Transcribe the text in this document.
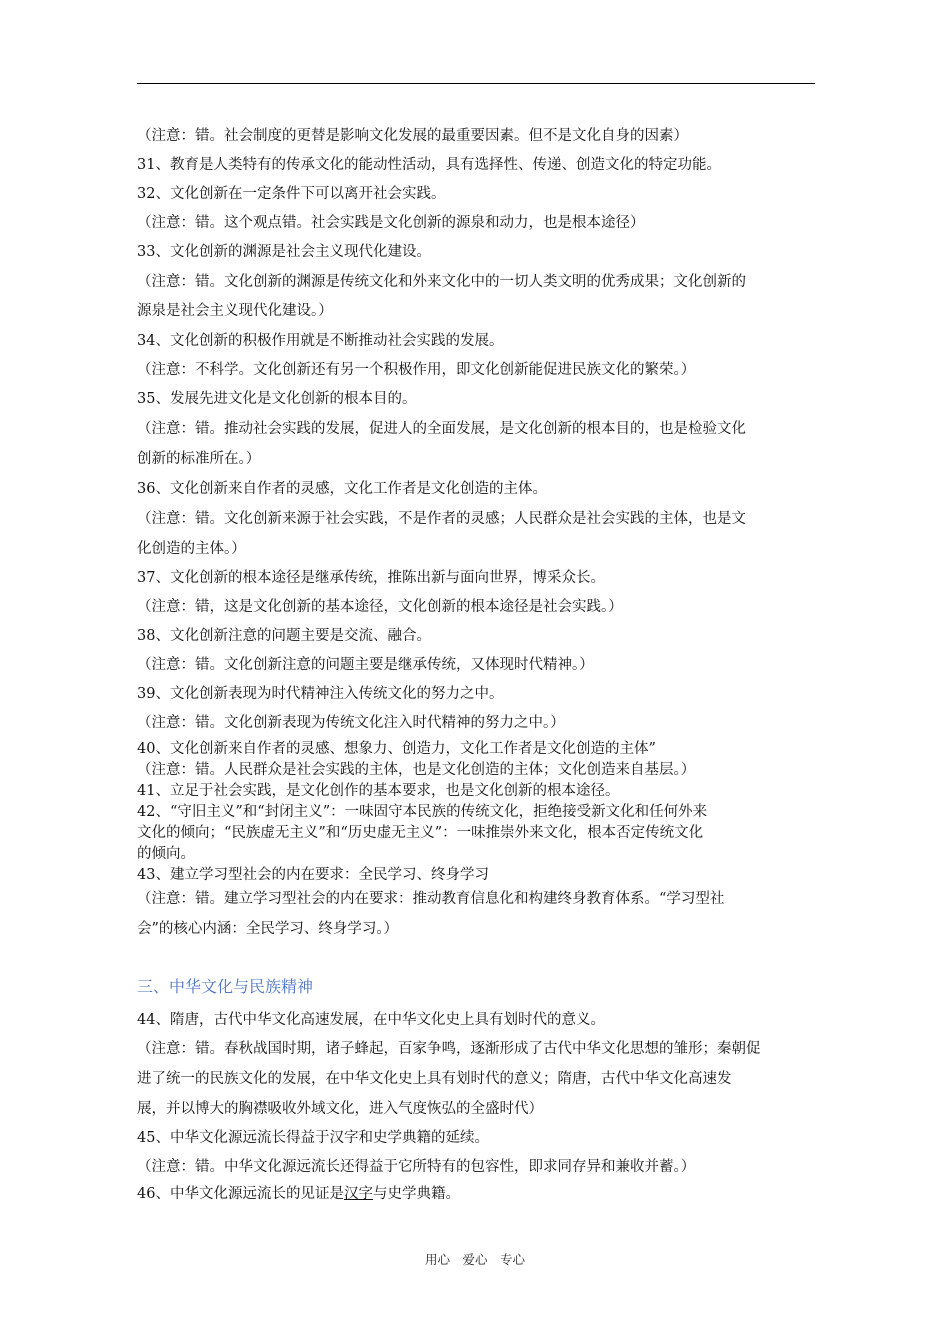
（注意：错。社会制度的更替是影响文化发展的最重要因素。但不是文化自身的因素）
31、教育是人类特有的传承文化的能动性活动，具有选择性、传递、创造文化的特定功能。
32、文化创新在一定条件下可以离开社会实践。
（注意：错。这个观点错。社会实践是文化创新的源泉和动力，也是根本途径）
33、文化创新的渊源是社会主义现代化建设。
（注意：错。文化创新的渊源是传统文化和外来文化中的一切人类文明的优秀成果；文化创新的
源泉是社会主义现代化建设。）
34、文化创新的积极作用就是不断推动社会实践的发展。
（注意：不科学。文化创新还有另一个积极作用，即文化创新能促进民族文化的繁荣。）
35、发展先进文化是文化创新的根本目的。
（注意：错。推动社会实践的发展，促进人的全面发展，是文化创新的根本目的，也是检验文化
创新的标准所在。）
36、文化创新来自作者的灵感，文化工作者是文化创造的主体。
（注意：错。文化创新来源于社会实践，不是作者的灵感；人民群众是社会实践的主体，也是文
化创造的主体。）
37、文化创新的根本途径是继承传统，推陈出新与面向世界，博采众长。
（注意：错，这是文化创新的基本途径，文化创新的根本途径是社会实践。）
38、文化创新注意的问题主要是交流、融合。
（注意：错。文化创新注意的问题主要是继承传统，又体现时代精神。）
39、文化创新表现为时代精神注入传统文化的努力之中。
（注意：错。文化创新表现为传统文化注入时代精神的努力之中。）
40、文化创新来自作者的灵感、想象力、创造力，文化工作者是文化创造的主体”
（注意：错。人民群众是社会实践的主体，也是文化创造的主体；文化创造来自基层。）
41、立足于社会实践，是文化创作的基本要求，也是文化创新的根本途径。
42、“守旧主义”和“封闭主义”：一味固守本民族的传统文化，拒绝接受新文化和任何外来
文化的倾向；“民族虚无主义”和“历史虚无主义”：一味推崇外来文化，根本否定传统文化
的倾向。
43、建立学习型社会的内在要求：全民学习、终身学习
（注意：错。建立学习型社会的内在要求：推动教育信息化和构建终身教育体系。“学习型社
会”的核心内涵：全民学习、终身学习。）
三、中华文化与民族精神
44、隋唐，古代中华文化高速发展，在中华文化史上具有划时代的意义。
（注意：错。春秋战国时期，诸子蜂起，百家争鸣，逐渐形成了古代中华文化思想的雏形；秦朝促
进了统一的民族文化的发展，在中华文化史上具有划时代的意义；隋唐，古代中华文化高速发
展，并以博大的胸襟吸收外域文化，进入气度恢弘的全盛时代）
45、中华文化源远流长得益于汉字和史学典籍的延续。
（注意：错。中华文化源远流长还得益于它所特有的包容性，即求同存异和兼收并蓄。）
46、中华文化源远流长的见证是汉字与史学典籍。
用心　爱心　专心
